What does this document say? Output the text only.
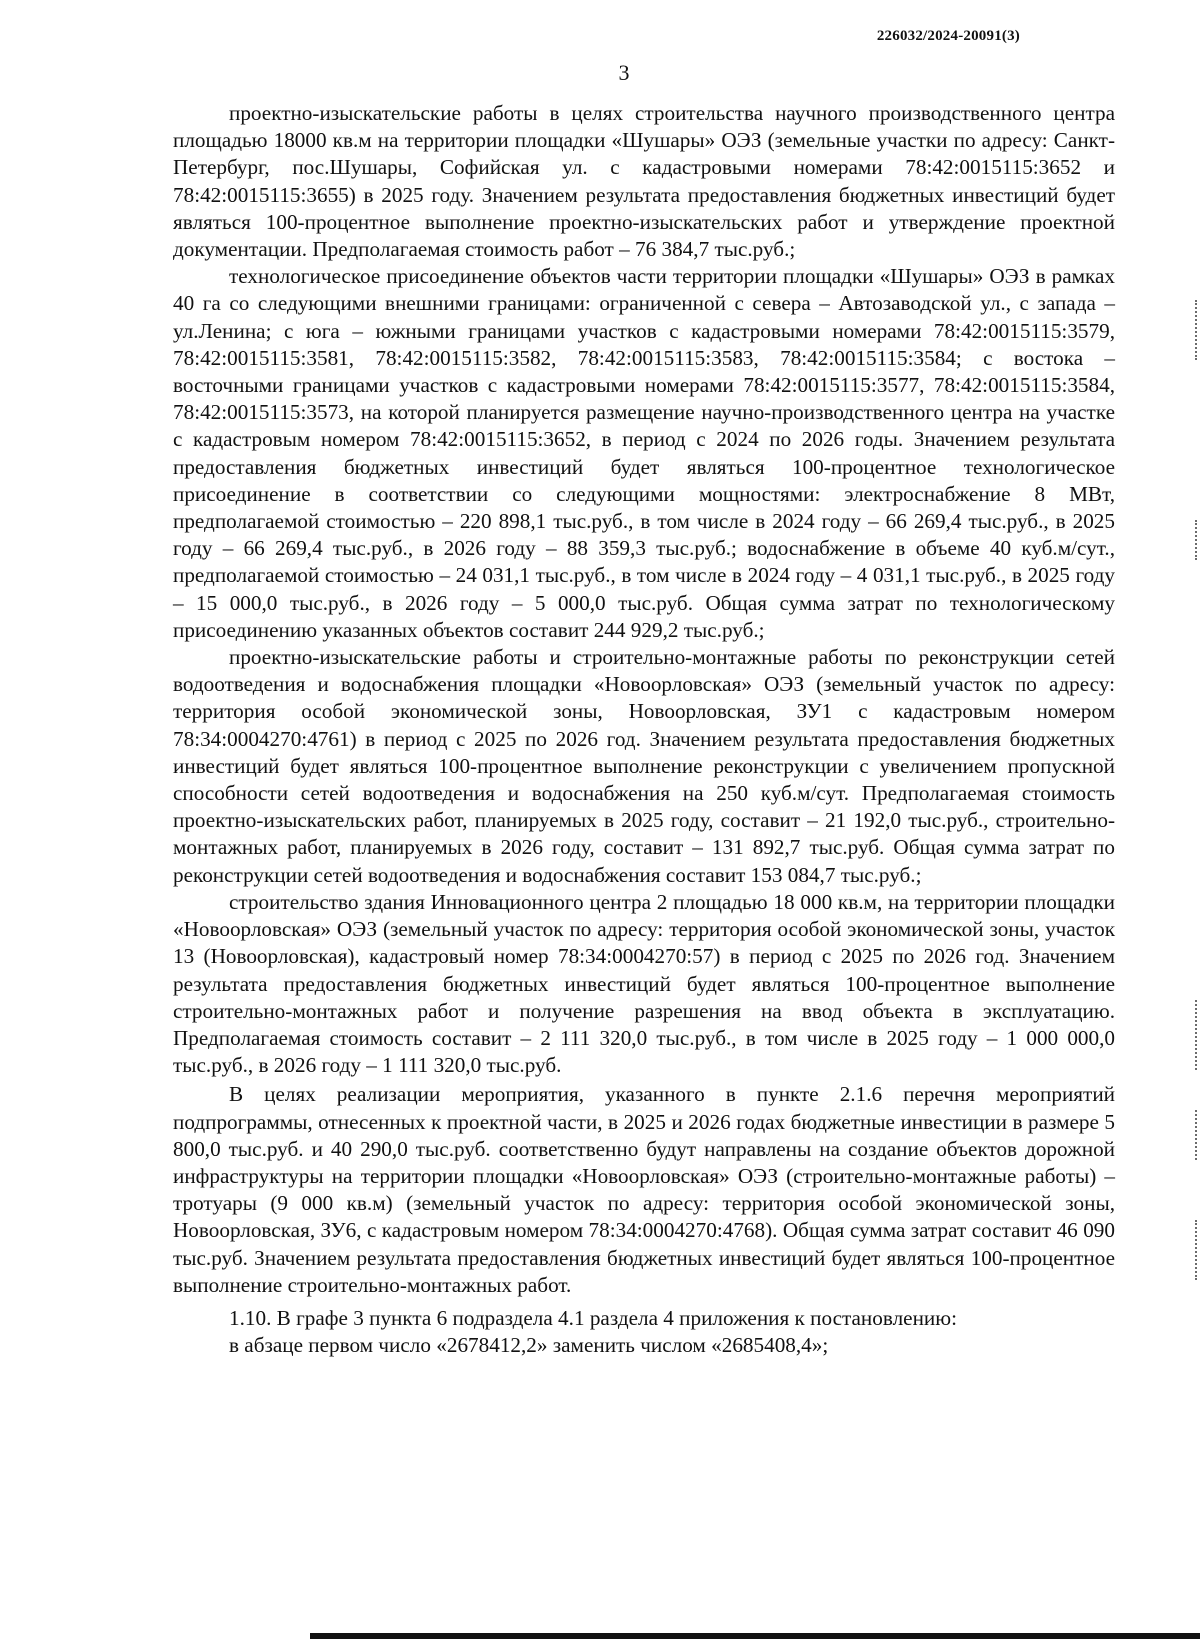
226032/2024-20091(3)
3

проектно-изыскательские работы в целях строительства научного производственного центра площадью 18000 кв.м на территории площадки «Шушары» ОЭЗ (земельные участки по адресу: Санкт-Петербург, пос.Шушары, Софийская ул. с кадастровыми номерами 78:42:0015115:3652 и 78:42:0015115:3655) в 2025 году. Значением результата предоставления бюджетных инвестиций будет являться 100-процентное выполнение проектно-изыскательских работ и утверждение проектной документации. Предполагаемая стоимость работ – 76 384,7 тыс.руб.;

технологическое присоединение объектов части территории площадки «Шушары» ОЭЗ в рамках 40 га со следующими внешними границами: ограниченной с севера – Автозаводской ул., с запада – ул.Ленина; с юга – южными границами участков с кадастровыми номерами 78:42:0015115:3579, 78:42:0015115:3581, 78:42:0015115:3582, 78:42:0015115:3583, 78:42:0015115:3584; с востока – восточными границами участков с кадастровыми номерами 78:42:0015115:3577, 78:42:0015115:3584, 78:42:0015115:3573, на которой планируется размещение научно-производственного центра на участке с кадастровым номером 78:42:0015115:3652, в период с 2024 по 2026 годы. Значением результата предоставления бюджетных инвестиций будет являться 100-процентное технологическое присоединение в соответствии со следующими мощностями: электроснабжение 8 МВт, предполагаемой стоимостью – 220 898,1 тыс.руб., в том числе в 2024 году – 66 269,4 тыс.руб., в 2025 году – 66 269,4 тыс.руб., в 2026 году – 88 359,3 тыс.руб.; водоснабжение в объеме 40 куб.м/сут., предполагаемой стоимостью – 24 031,1 тыс.руб., в том числе в 2024 году – 4 031,1 тыс.руб., в 2025 году – 15 000,0 тыс.руб., в 2026 году – 5 000,0 тыс.руб. Общая сумма затрат по технологическому присоединению указанных объектов составит 244 929,2 тыс.руб.;

проектно-изыскательские работы и строительно-монтажные работы по реконструкции сетей водоотведения и водоснабжения площадки «Новоорловская» ОЭЗ (земельный участок по адресу: территория особой экономической зоны, Новоорловская, ЗУ1 с кадастровым номером 78:34:0004270:4761) в период с 2025 по 2026 год. Значением результата предоставления бюджетных инвестиций будет являться 100-процентное выполнение реконструкции с увеличением пропускной способности сетей водоотведения и водоснабжения на 250 куб.м/сут. Предполагаемая стоимость проектно-изыскательских работ, планируемых в 2025 году, составит – 21 192,0 тыс.руб., строительно-монтажных работ, планируемых в 2026 году, составит – 131 892,7 тыс.руб. Общая сумма затрат по реконструкции сетей водоотведения и водоснабжения составит 153 084,7 тыс.руб.;

строительство здания Инновационного центра 2 площадью 18 000 кв.м, на территории площадки «Новоорловская» ОЭЗ (земельный участок по адресу: территория особой экономической зоны, участок 13 (Новоорловская), кадастровый номер 78:34:0004270:57) в период с 2025 по 2026 год. Значением результата предоставления бюджетных инвестиций будет являться 100-процентное выполнение строительно-монтажных работ и получение разрешения на ввод объекта в эксплуатацию. Предполагаемая стоимость составит – 2 111 320,0 тыс.руб., в том числе в 2025 году – 1 000 000,0 тыс.руб., в 2026 году – 1 111 320,0 тыс.руб.

В целях реализации мероприятия, указанного в пункте 2.1.6 перечня мероприятий подпрограммы, отнесенных к проектной части, в 2025 и 2026 годах бюджетные инвестиции в размере 5 800,0 тыс.руб. и 40 290,0 тыс.руб. соответственно будут направлены на создание объектов дорожной инфраструктуры на территории площадки «Новоорловская» ОЭЗ (строительно-монтажные работы) – тротуары (9 000 кв.м) (земельный участок по адресу: территория особой экономической зоны, Новоорловская, ЗУ6, с кадастровым номером 78:34:0004270:4768). Общая сумма затрат составит 46 090 тыс.руб. Значением результата предоставления бюджетных инвестиций будет являться 100-процентное выполнение строительно-монтажных работ.

1.10. В графе 3 пункта 6 подраздела 4.1 раздела 4 приложения к постановлению:

в абзаце первом число «2678412,2» заменить числом «2685408,4»;
